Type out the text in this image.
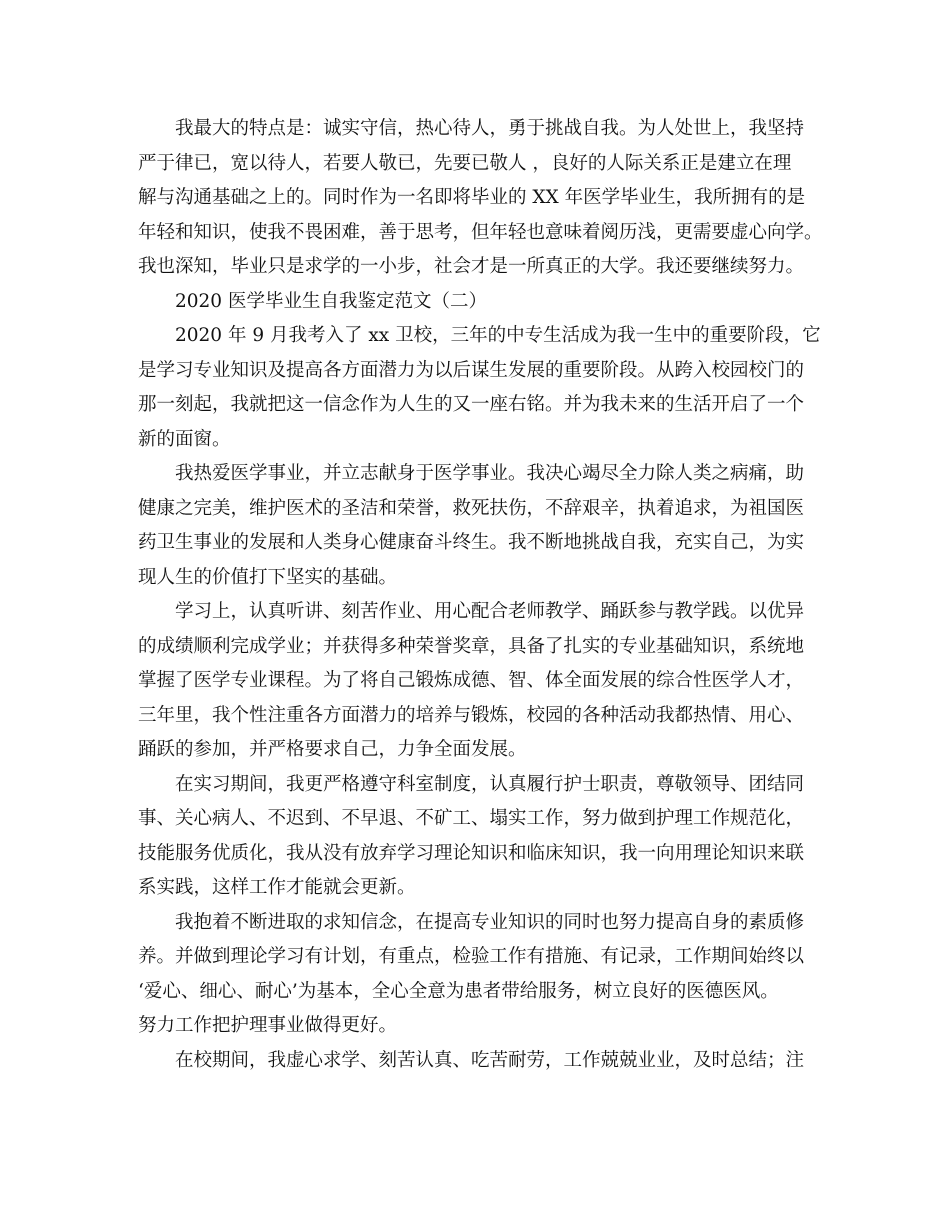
我最大的特点是：诚实守信，热心待人，勇于挑战自我。为人处世上，我坚持
严于律已，宽以待人，若要人敬已，先要已敬人 ，良好的人际关系正是建立在理
解与沟通基础之上的。同时作为一名即将毕业的 XX 年医学毕业生，我所拥有的是
年轻和知识，使我不畏困难，善于思考，但年轻也意味着阅历浅，更需要虚心向学。
我也深知，毕业只是求学的一小步，社会才是一所真正的大学。我还要继续努力。
2020 医学毕业生自我鉴定范文（二）
2020 年 9 月我考入了 xx 卫校，三年的中专生活成为我一生中的重要阶段，它
是学习专业知识及提高各方面潜力为以后谋生发展的重要阶段。从跨入校园校门的
那一刻起，我就把这一信念作为人生的又一座右铭。并为我未来的生活开启了一个
新的面窗。
我热爱医学事业，并立志献身于医学事业。我决心竭尽全力除人类之病痛，助
健康之完美，维护医术的圣洁和荣誉，救死扶伤，不辞艰辛，执着追求，为祖国医
药卫生事业的发展和人类身心健康奋斗终生。我不断地挑战自我，充实自己，为实
现人生的价值打下坚实的基础。
学习上，认真听讲、刻苦作业、用心配合老师教学、踊跃参与教学践。以优异
的成绩顺利完成学业；并获得多种荣誉奖章，具备了扎实的专业基础知识，系统地
掌握了医学专业课程。为了将自己锻炼成德、智、体全面发展的综合性医学人才，
三年里，我个性注重各方面潜力的培养与锻炼，校园的各种活动我都热情、用心、
踊跃的参加，并严格要求自己，力争全面发展。
在实习期间，我更严格遵守科室制度，认真履行护士职责，尊敬领导、团结同
事、关心病人、不迟到、不早退、不矿工、塌实工作，努力做到护理工作规范化，
技能服务优质化，我从没有放弃学习理论知识和临床知识，我一向用理论知识来联
系实践，这样工作才能就会更新。
我抱着不断进取的求知信念，在提高专业知识的同时也努力提高自身的素质修
养。并做到理论学习有计划，有重点，检验工作有措施、有记录，工作期间始终以
‘爱心、细心、耐心’为基本，全心全意为患者带给服务，树立良好的医德医风。
努力工作把护理事业做得更好。
在校期间，我虚心求学、刻苦认真、吃苦耐劳，工作兢兢业业，及时总结；注
